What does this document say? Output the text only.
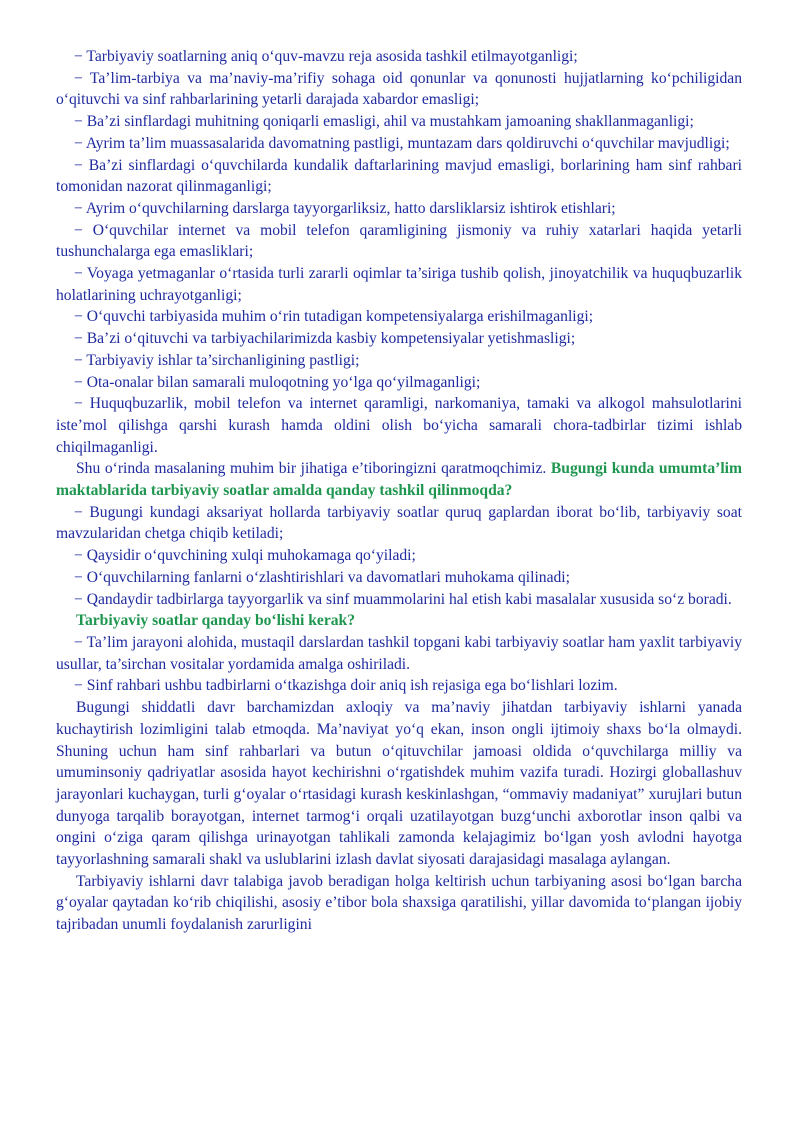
− Tarbiyaviy soatlarning aniq o‘quv-mavzu reja asosida tashkil etilmayotganligi;

− Ta’lim-tarbiya va ma’naviy-ma’rifiy sohaga oid qonunlar va qonunosti hujjatlarning ko‘pchiligidan o‘qituvchi va sinf rahbarlarining yetarli darajada xabardor emasligi;

− Ba’zi sinflardagi muhitning qoniqarli emasligi, ahil va mustahkam jamoaning shakllanmaganligi;

− Ayrim ta’lim muassasalarida davomatning pastligi, muntazam dars qoldiruvchi o‘quvchilar mavjudligi;

− Ba’zi sinflardagi o‘quvchilarda kundalik daftarlarining mavjud emasligi, borlarining ham sinf rahbari tomonidan nazorat qilinmaganligi;

− Ayrim o‘quvchilarning darslarga tayyorgarliksiz, hatto darsliklarsiz ishtirok etishlari;

− O‘quvchilar internet va mobil telefon qaramligining jismoniy va ruhiy xatarlari haqida yetarli tushunchalarga ega emasliklari;

− Voyaga yetmaganlar o‘rtasida turli zararli oqimlar ta’siriga tushib qolish, jinoyatchilik va huquqbuzarlik holatlarining uchrayotganligi;

− O‘quvchi tarbiyasida muhim o‘rin tutadigan kompetensiyalarga erishilmaganligi;

− Ba’zi o‘qituvchi va tarbiyachilarimizda kasbiy kompetensiyalar yetishmasligi;

− Tarbiyaviy ishlar ta’sirchanligining pastligi;

− Ota-onalar bilan samarali muloqotning yo‘lga qo‘yilmaganligi;

− Huquqbuzarlik, mobil telefon va internet qaramligi, narkomaniya, tamaki va alkogol mahsulotlarini iste’mol qilishga qarshi kurash hamda oldini olish bo‘yicha samarali chora-tadbirlar tizimi ishlab chiqilmaganligi.

Shu o‘rinda masalaning muhim bir jihatiga e’tiboringizni qaratmoqchimiz. Bugungi kunda umumta’lim maktablarida tarbiyaviy soatlar amalda qanday tashkil qilinmoqda?

− Bugungi kundagi aksariyat hollarda tarbiyaviy soatlar quruq gaplardan iborat bo‘lib, tarbiyaviy soat mavzularidan chetga chiqib ketiladi;

− Qaysidir o‘quvchining xulqi muhokamaga qo‘yiladi;

− O‘quvchilarning fanlarni o‘zlashtirishlari va davomatlari muhokama qilinadi;

− Qandaydir tadbirlarga tayyorgarlik va sinf muammolarini hal etish kabi masalalar xususida so‘z boradi.

Tarbiyaviy soatlar qanday bo‘lishi kerak?

− Ta’lim jarayoni alohida, mustaqil darslardan tashkil topgani kabi tarbiyaviy soatlar ham yaxlit tarbiyaviy usullar, ta’sirchan vositalar yordamida amalga oshiriladi.

− Sinf rahbari ushbu tadbirlarni o‘tkazishga doir aniq ish rejasiga ega bo‘lishlari lozim.

Bugungi shiddatli davr barchamizdan axloqiy va ma’naviy jihatdan tarbiyaviy ishlarni yanada kuchaytirish lozimligini talab etmoqda. Ma’naviyat yo‘q ekan, inson ongli ijtimoiy shaxs bo‘la olmaydi. Shuning uchun ham sinf rahbarlari va butun o‘qituvchilar jamoasi oldida o‘quvchilarga milliy va umuminsoniy qadriyatlar asosida hayot kechirishni o‘rgatishdek muhim vazifa turadi. Hozirgi globallashuv jarayonlari kuchaygan, turli g‘oyalar o‘rtasidagi kurash keskinlashgan, “ommaviy madaniyat” xurujlari butun dunyoga tarqalib borayotgan, internet tarmog‘i orqali uzatilayotgan buzg‘unchi axborotlar inson qalbi va ongini o‘ziga qaram qilishga urinayotgan tahlikali zamonda kelajagimiz bo‘lgan yosh avlodni hayotga tayyorlashning samarali shakl va uslublarini izlash davlat siyosati darajasidagi masalaga aylangan.

Tarbiyaviy ishlarni davr talabiga javob beradigan holga keltirish uchun tarbiyaning asosi bo‘lgan barcha g‘oyalar qaytadan ko‘rib chiqilishi, asosiy e’tibor bola shaxsiga qaratilishi, yillar davomida to‘plangan ijobiy tajribadan unumli foydalanish zarurligini
